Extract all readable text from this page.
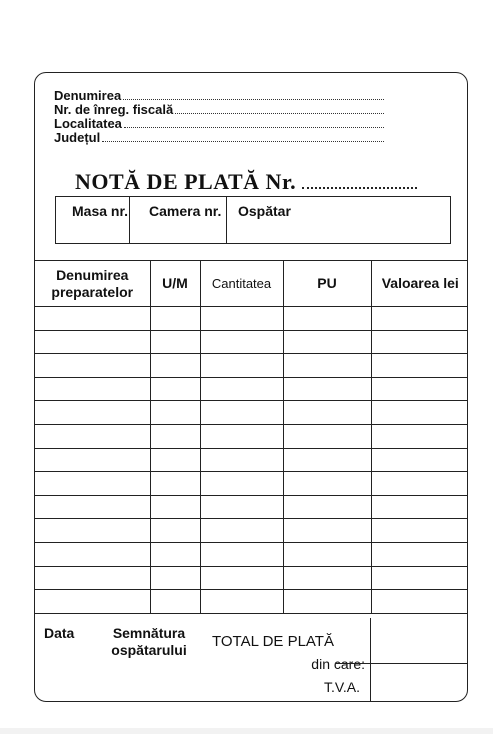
Denumirea
Nr. de înreg. fiscală
Localitatea
Județul
NOTĂ DE PLATĂ Nr.
Masa nr.	Camera nr.	Ospătar
Denumirea preparatelor	U/M	Cantitatea	PU	Valoarea lei

Data	Semnătura ospătarului	TOTAL DE PLATĂ
din care:
T.V.A.
